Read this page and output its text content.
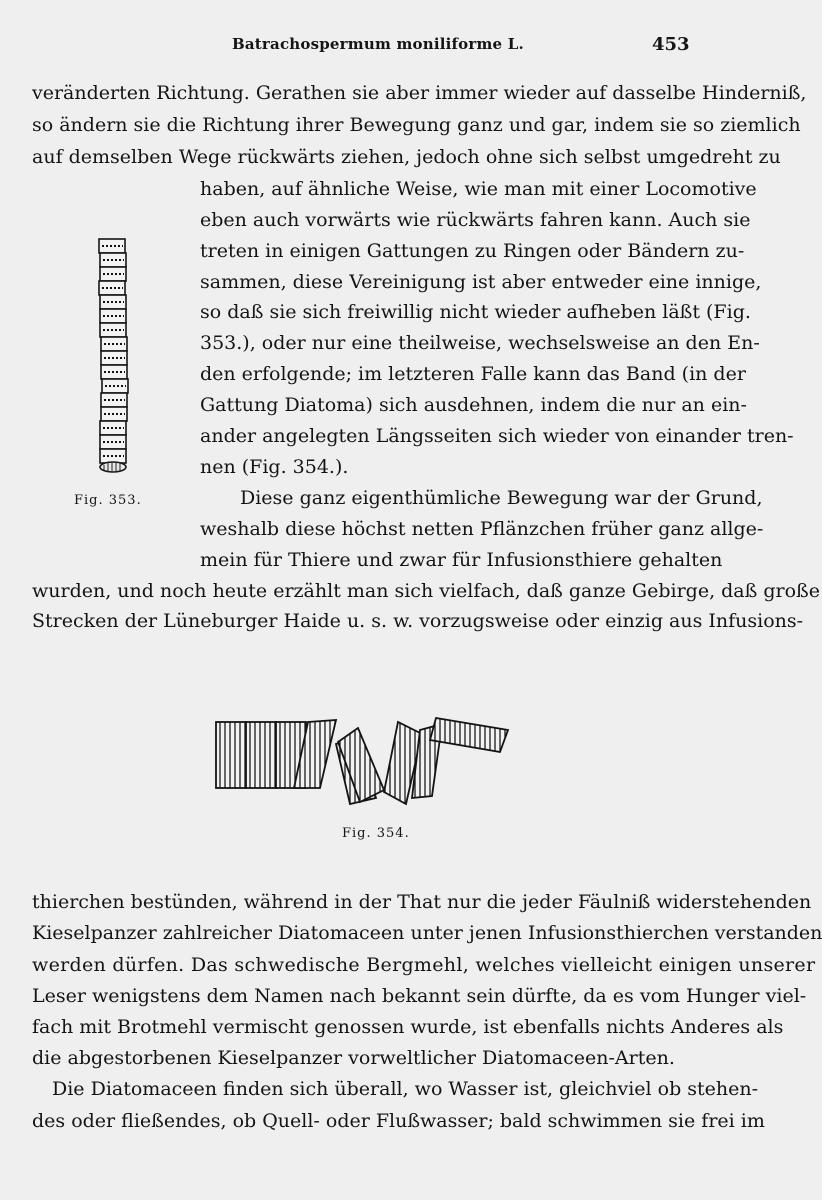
Batrachospermum moniliforme L.	453
veränderten Richtung. Gerathen sie aber immer wieder auf dasselbe Hinderniß,
so ändern sie die Richtung ihrer Bewegung ganz und gar, indem sie so ziemlich
auf demselben Wege rückwärts ziehen, jedoch ohne sich selbst umgedreht zu
haben, auf ähnliche Weise, wie man mit einer Locomotive
eben auch vorwärts wie rückwärts fahren kann. Auch sie
treten in einigen Gattungen zu Ringen oder Bändern zu-
sammen, diese Vereinigung ist aber entweder eine innige,
so daß sie sich freiwillig nicht wieder aufheben läßt (Fig.
353.), oder nur eine theilweise, wechselsweise an den En-
den erfolgende; im letzteren Falle kann das Band (in der
Gattung Diatoma) sich ausdehnen, indem die nur an ein-
ander angelegten Längsseiten sich wieder von einander tren-
nen (Fig. 354.).
Diese ganz eigenthümliche Bewegung war der Grund,
weshalb diese höchst netten Pflänzchen früher ganz allge-
mein für Thiere und zwar für Infusionsthiere gehalten
wurden, und noch heute erzählt man sich vielfach, daß ganze Gebirge, daß große
Strecken der Lüneburger Haide u. s. w. vorzugsweise oder einzig aus Infusions-
Fig. 353.
Fig. 354.
thierchen bestünden, während in der That nur die jeder Fäulniß widerstehenden
Kieselpanzer zahlreicher Diatomaceen unter jenen Infusionsthierchen verstanden
werden dürfen. Das schwedische Bergmehl, welches vielleicht einigen unserer
Leser wenigstens dem Namen nach bekannt sein dürfte, da es vom Hunger viel-
fach mit Brotmehl vermischt genossen wurde, ist ebenfalls nichts Anderes als
die abgestorbenen Kieselpanzer vorweltlicher Diatomaceen-Arten.
Die Diatomaceen finden sich überall, wo Wasser ist, gleichviel ob stehen-
des oder fließendes, ob Quell- oder Flußwasser; bald schwimmen sie frei im
